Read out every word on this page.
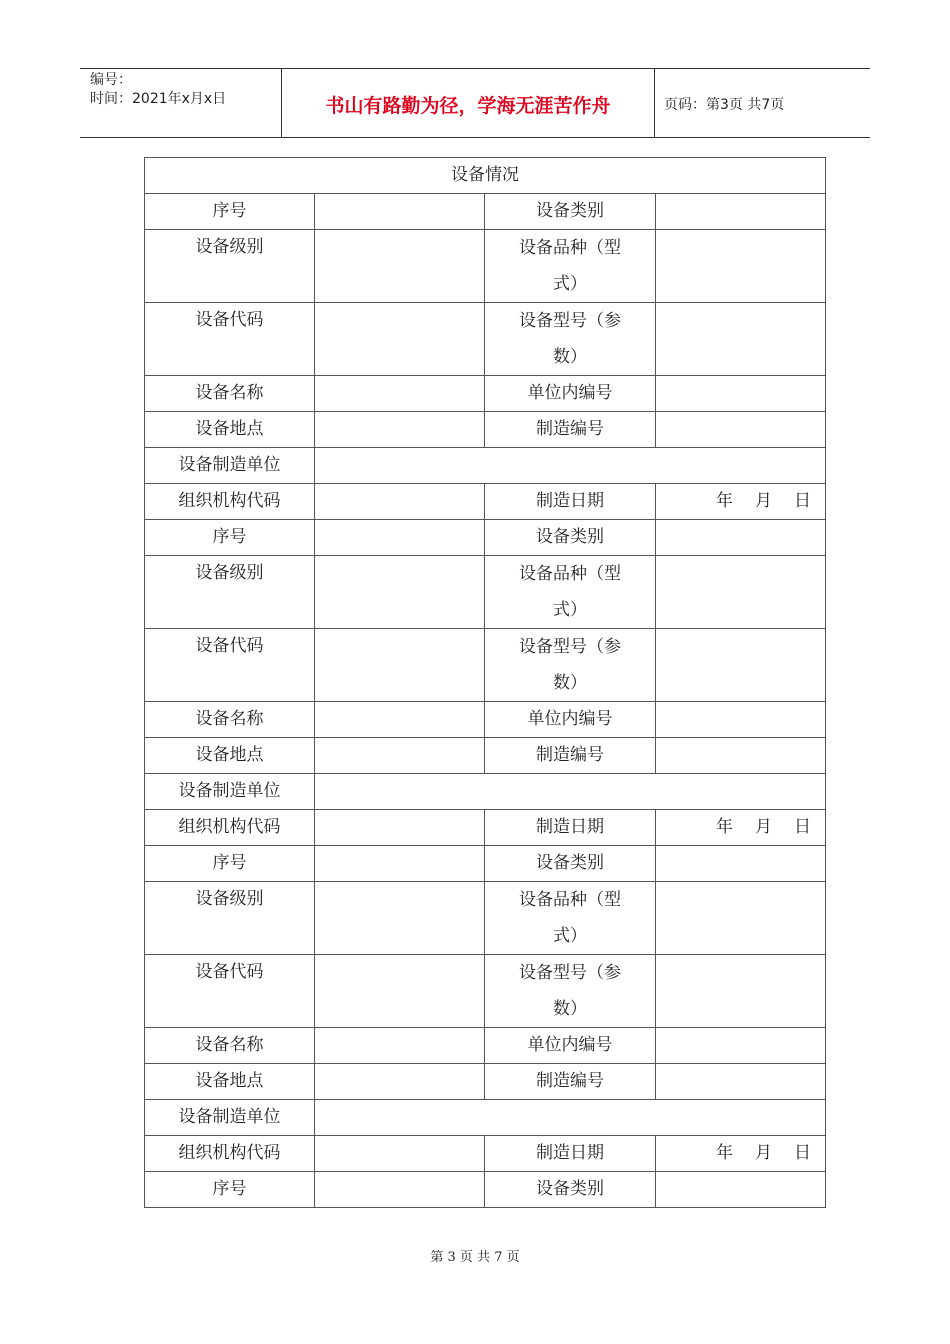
编号：
时间：2021年x月x日	书山有路勤为径，学海无涯苦作舟	页码：第3页 共7页
设备情况			
序号		设备类别	
设备级别		设备品种（型
式）	

设备代码		设备型号（参
数）	

设备名称		单位内编号	
设备地点		制造编号	
设备制造单位			
组织机构代码		制造日期	年 月 日
序号		设备类别	
设备级别		设备品种（型
式）	

设备代码		设备型号（参
数）	

设备名称		单位内编号	
设备地点		制造编号	
设备制造单位			
组织机构代码		制造日期	年 月 日
序号		设备类别	
设备级别		设备品种（型
式）	

设备代码		设备型号（参
数）	

设备名称		单位内编号	
设备地点		制造编号	
设备制造单位			
组织机构代码		制造日期	年 月 日
序号		设备类别	
第 3 页 共 7 页
